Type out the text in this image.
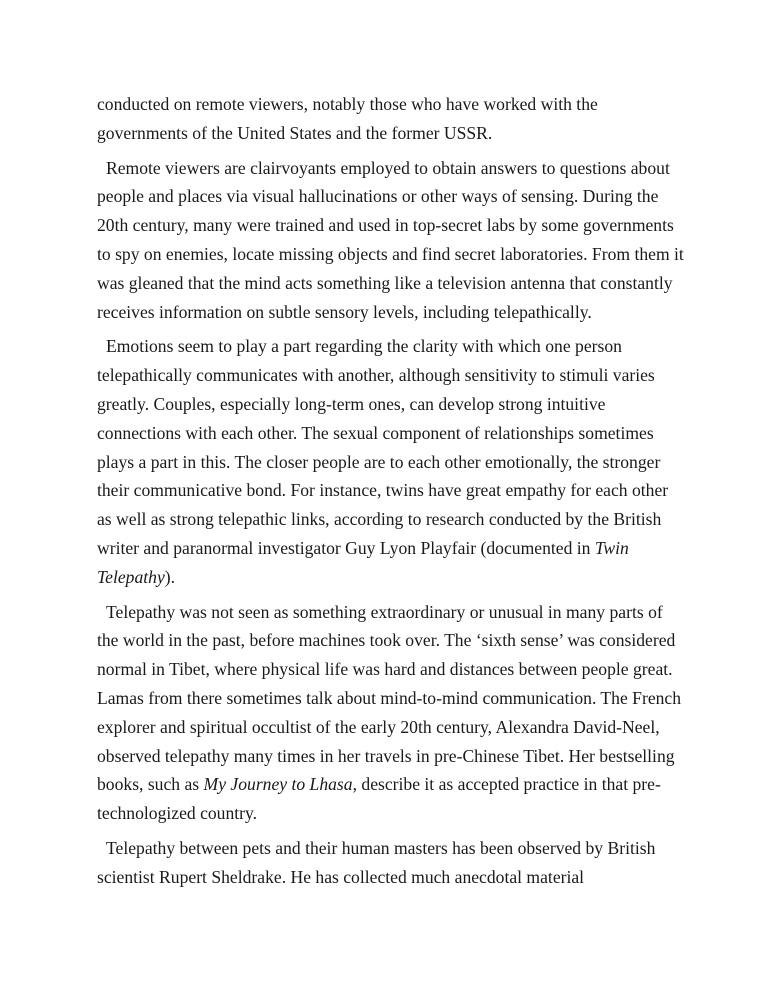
conducted on remote viewers, notably those who have worked with the governments of the United States and the former USSR.

Remote viewers are clairvoyants employed to obtain answers to questions about people and places via visual hallucinations or other ways of sensing. During the 20th century, many were trained and used in top-secret labs by some governments to spy on enemies, locate missing objects and find secret laboratories. From them it was gleaned that the mind acts something like a television antenna that constantly receives information on subtle sensory levels, including telepathically.

Emotions seem to play a part regarding the clarity with which one person telepathically communicates with another, although sensitivity to stimuli varies greatly. Couples, especially long-term ones, can develop strong intuitive connections with each other. The sexual component of relationships sometimes plays a part in this. The closer people are to each other emotionally, the stronger their communicative bond. For instance, twins have great empathy for each other as well as strong telepathic links, according to research conducted by the British writer and paranormal investigator Guy Lyon Playfair (documented in Twin Telepathy).

Telepathy was not seen as something extraordinary or unusual in many parts of the world in the past, before machines took over. The ‘sixth sense’ was considered normal in Tibet, where physical life was hard and distances between people great. Lamas from there sometimes talk about mind-to-mind communication. The French explorer and spiritual occultist of the early 20th century, Alexandra David-Neel, observed telepathy many times in her travels in pre-Chinese Tibet. Her bestselling books, such as My Journey to Lhasa, describe it as accepted practice in that pre-technologized country.

Telepathy between pets and their human masters has been observed by British scientist Rupert Sheldrake. He has collected much anecdotal material
